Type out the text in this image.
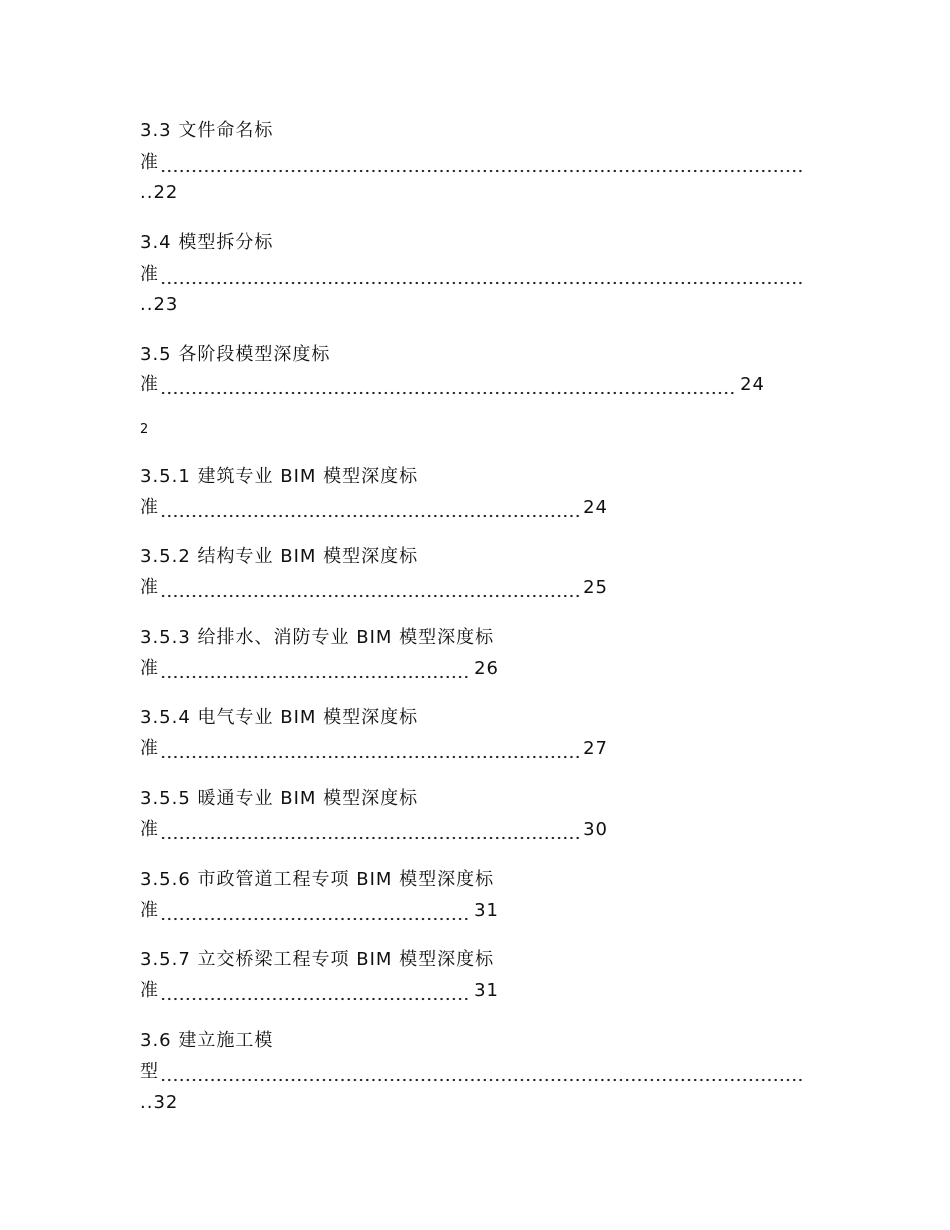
3.3 文件命名标
准
.. 22
3.4 模型拆分标
准
.. 23
3.5 各阶段模型深度标
准	24
2
3.5.1 建筑专业 BIM 模型深度标
准	24
3.5.2 结构专业 BIM 模型深度标
准	25
3.5.3 给排水、消防专业 BIM 模型深度标
准	26
3.5.4 电气专业 BIM 模型深度标
准	27
3.5.5 暖通专业 BIM 模型深度标
准	30
3.5.6 市政管道工程专项 BIM 模型深度标
准	31
3.5.7 立交桥梁工程专项 BIM 模型深度标
准	31
3.6 建立施工模
型
.. 32
